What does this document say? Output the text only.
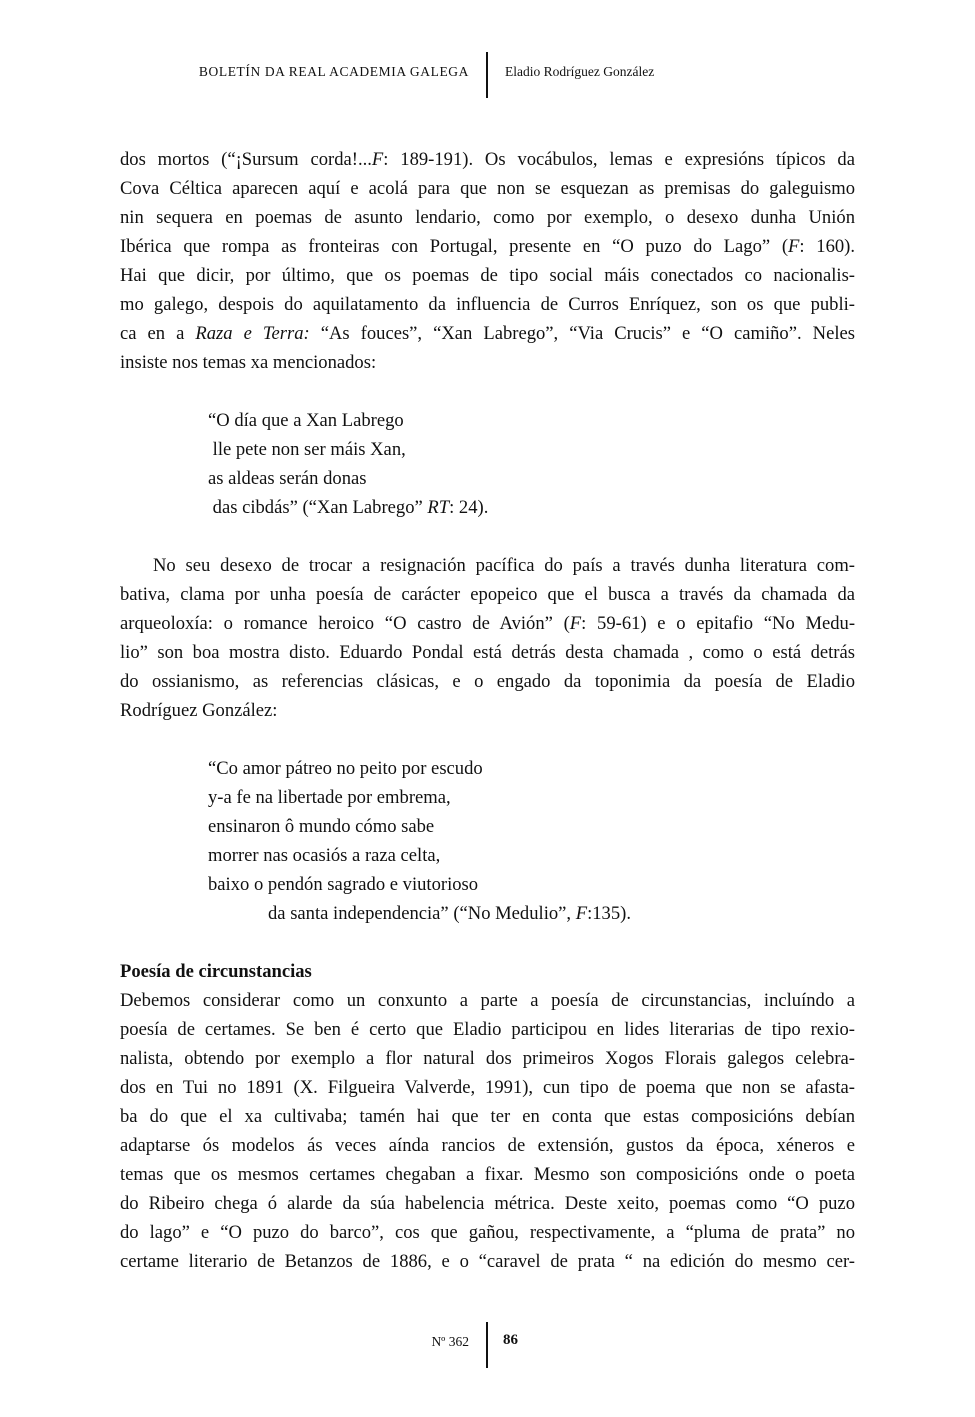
BOLETÍN DA REAL ACADEMIA GALEGA	Eladio Rodríguez González

dos mortos (“¡Sursum corda!...F: 189-191). Os vocábulos, lemas e expresións típicos da
Cova Céltica aparecen aquí e acolá para que non se esquezan as premisas do galeguismo
nin sequera en poemas de asunto lendario, como por exemplo, o desexo dunha Unión
Ibérica que rompa as fronteiras con Portugal, presente en “O puzo do Lago” (F: 160).
Hai que dicir, por último, que os poemas de tipo social máis conectados co nacionalis-
mo galego, despois do aquilatamento da influencia de Curros Enríquez, son os que publi-
ca en a Raza e Terra: “As fouces”, “Xan Labrego”, “Via Crucis” e “O camiño”. Neles
insiste nos temas xa mencionados:

“O día que a Xan Labrego
lle pete non ser máis Xan,
as aldeas serán donas
das cibdás” (“Xan Labrego” RT: 24).

No seu desexo de trocar a resignación pacífica do país a través dunha literatura com-
bativa, clama por unha poesía de carácter epopeico que el busca a través da chamada da
arqueoloxía: o romance heroico “O castro de Avión” (F: 59-61) e o epitafio “No Medu-
lio” son boa mostra disto. Eduardo Pondal está detrás desta chamada , como o está detrás
do ossianismo, as referencias clásicas, e o engado da toponimia da poesía de Eladio
Rodríguez González:

“Co amor pátreo no peito por escudo
y-a fe na libertade por embrema,
ensinaron ô mundo cómo sabe
morrer nas ocasiós a raza celta,
baixo o pendón sagrado e viutorioso
da santa independencia” (“No Medulio”, F:135).
Poesía de circunstancias

Debemos considerar como un conxunto a parte a poesía de circunstancias, incluíndo a
poesía de certames. Se ben é certo que Eladio participou en lides literarias de tipo rexio-
nalista, obtendo por exemplo a flor natural dos primeiros Xogos Florais galegos celebra-
dos en Tui no 1891 (X. Filgueira Valverde, 1991), cun tipo de poema que non se afasta-
ba do que el xa cultivaba; tamén hai que ter en conta que estas composicións debían
adaptarse ós modelos ás veces aínda rancios de extensión, gustos da época, xéneros e
temas que os mesmos certames chegaban a fixar. Mesmo son composicións onde o poeta
do Ribeiro chega ó alarde da súa habelencia métrica. Deste xeito, poemas como “O puzo
do lago” e “O puzo do barco”, cos que gañou, respectivamente, a “pluma de prata” no
certame literario de Betanzos de 1886, e o “caravel de prata “ na edición do mesmo cer-

Nº 362 86
